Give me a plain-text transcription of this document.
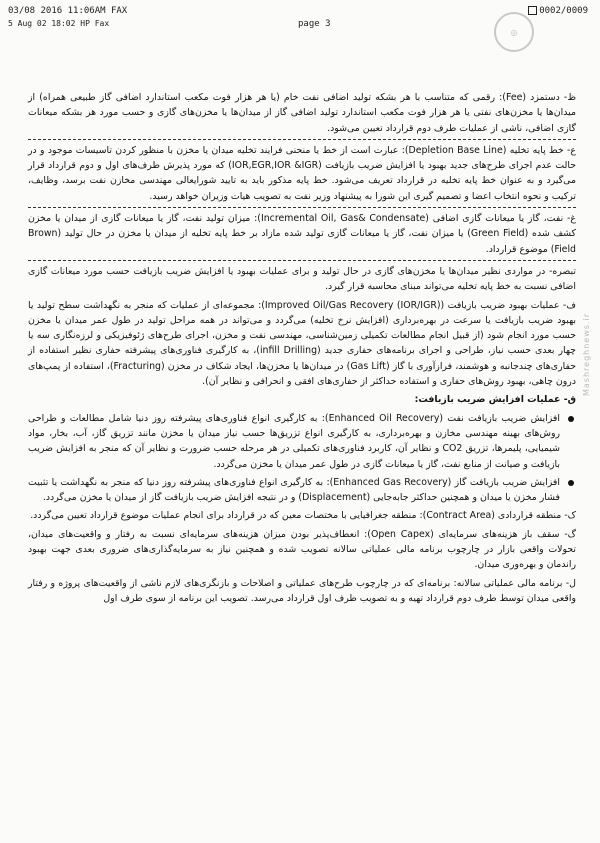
03/08 2016 11:06AM FAX
5 Aug 02 18:02 HP Fax	page 3
0002/0009
◎
Mashreghnews.ir

ظ- دستمزد (Fee): رقمی که متناسب با هر بشکه تولید اضافی نفت خام (یا هر هزار فوت مکعب استاندارد اضافی گاز طبیعی همراه) از میدان‌ها یا مخزن‌های نفتی یا هر هزار فوت مکعب استاندارد تولید اضافی گاز از میدان‌ها یا مخزن‌های گازی و حسب مورد هر بشکه میعانات گازی اضافی، ناشی از عملیات طرف دوم قرارداد تعیین می‌شود.

ع- خط پایه تخلیه (Depletion Base Line): عبارت است از خط یا منحنی فرایند تخلیه میدان یا مخزن با منظور کردن تاسیسات موجود و در حالت عدم اجرای طرح‌های جدید بهبود یا افزایش ضریب بازیافت (IOR,EGR,IOR &IGR) که مورد پذیرش طرف‌های اول و دوم قرارداد قرار می‌گیرد و به عنوان خط پایه تخلیه در قرارداد تعریف می‌شود. خط پایه مذکور باید به تایید شورایعالی مهندسی مخازن نفت برسد، وظایف، ترکیب و نحوه انتخاب اعضا و تصمیم گیری این شورا به پیشنهاد وزیر نفت به تصویب هیات وزیران خواهد رسید.

غ- نفت، گاز یا میعانات گازی اضافی (Incremental Oil, Gas& Condensate): میزان تولید نفت، گاز یا میعانات گازی از میدان یا مخزن کشف شده (Green Field) یا میزان نفت، گاز یا میعانات گازی تولید شده مازاد بر خط پایه تخلیه از میدان یا مخزن در حال تولید (Brown Field) موضوع قرارداد.

تبصره- در مواردی نظیر میدان‌ها یا مخزن‌های گازی در حال تولید و برای عملیات بهبود یا افزایش ضریب بازیافت حسب مورد میعانات گازی اضافی نسبت به خط پایه تخلیه می‌تواند مبنای محاسبه قرار گیرد.

ف- عملیات بهبود ضریب بازیافت (Improved Oil/Gas Recovery (IOR/IGR)): مجموعه‌ای از عملیات که منجر به نگهداشت سطح تولید یا بهبود ضریب بازیافت یا سرعت در بهره‌برداری (افزایش نرخ تخلیه) می‌گردد و می‌تواند در همه مراحل تولید در طول عمر میدان یا مخزن حسب مورد انجام شود (از قبیل انجام مطالعات تکمیلی زمین‌شناسی، مهندسی نفت و مخزن، اجرای طرح‌های ژئوفیزیکی و لرزه‌نگاری سه یا چهار بعدی حسب نیاز، طراحی و اجرای برنامه‌های حفاری جدید (infill Drilling)، به کارگیری فناوری‌های پیشرفته حفاری نظیر استفاده از حفاری‌های چندجانبه و هوشمند، فرازآوری با گاز (Gas Lift) در میدان‌ها یا مخزن‌ها، ایجاد شکاف در مخزن (Fracturing)، استفاده از پمپ‌های درون چاهی، بهبود روش‌های حفاری و استفاده حداکثر از حفاری‌های افقی و انحرافی و نظایر آن).

ق- عملیات افزایش ضریب بازیافت:

افزایش ضریب بازیافت نفت (Enhanced Oil Recovery): به کارگیری انواع فناوری‌های پیشرفته روز دنیا شامل مطالعات و طراحی روش‌های بهینه مهندسی مخازن و بهره‌برداری، به کارگیری انواع تزریق‌ها حسب نیاز میدان یا مخزن مانند تزریق گاز، آب، بخار، مواد شیمیایی، پلیمرها، تزریق CO2 و نظایر آن، کاربرد فناوری‌های تکمیلی در هر مرحله حسب ضرورت و نظایر آن که منجر به افزایش ضریب بازیافت و صیانت از منابع نفت، گاز یا میعانات گازی در طول عمر میدان یا مخزن می‌گردد.
افزایش ضریب بازیافت گاز (Enhanced Gas Recovery): به کارگیری انواع فناوری‌های پیشرفته روز دنیا که منجر به نگهداشت یا تثبیت فشار مخزن یا میدان و همچنین حداکثر جابه‌جایی (Displacement) و در نتیجه افزایش ضریب بازیافت گاز از میدان یا مخزن می‌گردد.

ک- منطقه قراردادی (Contract Area): منطقه جغرافیایی با مختصات معین که در قرارداد برای انجام عملیات موضوع قرارداد تعیین می‌گردد.

گ- سقف باز هزینه‌های سرمایه‌ای (Open Capex): انعطاف‌پذیر بودن میزان هزینه‌های سرمایه‌ای نسبت به رفتار و واقعیت‌های میدان، تحولات واقعی بازار در چارچوب برنامه مالی عملیاتی سالانه تصویب شده و همچنین نیاز به سرمایه‌گذاری‌های ضروری بعدی جهت بهبود راندمان و بهره‌وری میدان.

ل- برنامه مالی عملیاتی سالانه: برنامه‌ای که در چارچوب طرح‌های عملیاتی و اصلاحات و بازنگری‌های لازم ناشی از واقعیت‌های پروژه و رفتار واقعی میدان توسط طرف دوم قرارداد تهیه و به تصویب طرف اول قرارداد می‌رسد. تصویب این برنامه از سوی طرف اول
